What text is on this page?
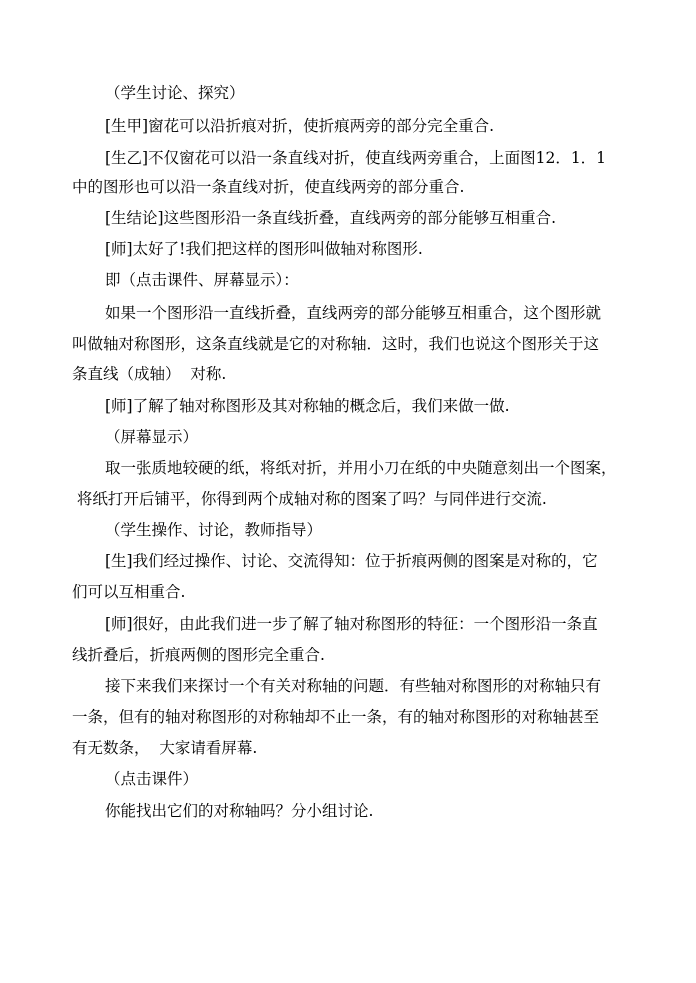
（学生讨论、探究）
[生甲]窗花可以沿折痕对折，使折痕两旁的部分完全重合.
[生乙]不仅窗花可以沿一条直线对折，使直线两旁重合，上面图12．1．1
中的图形也可以沿一条直线对折，使直线两旁的部分重合.
[生结论]这些图形沿一条直线折叠，直线两旁的部分能够互相重合.
[师]太好了!我们把这样的图形叫做轴对称图形.
即（点击课件、屏幕显示）：
如果一个图形沿一直线折叠，直线两旁的部分能够互相重合，这个图形就
叫做轴对称图形，这条直线就是它的对称轴．这时，我们也说这个图形关于这
条直线（成轴）  对称.
[师]了解了轴对称图形及其对称轴的概念后，我们来做一做.
（屏幕显示）
取一张质地较硬的纸，将纸对折，并用小刀在纸的中央随意刻出一个图案，
将纸打开后铺平，你得到两个成轴对称的图案了吗？与同伴进行交流.
（学生操作、讨论，教师指导）
[生]我们经过操作、讨论、交流得知：位于折痕两侧的图案是对称的，它
们可以互相重合.
[师]很好，由此我们进一步了解了轴对称图形的特征：一个图形沿一条直
线折叠后，折痕两侧的图形完全重合.
接下来我们来探讨一个有关对称轴的问题．有些轴对称图形的对称轴只有
一条，但有的轴对称图形的对称轴却不止一条，有的轴对称图形的对称轴甚至
有无数条，  大家请看屏幕.
（点击课件）
你能找出它们的对称轴吗？分小组讨论.
